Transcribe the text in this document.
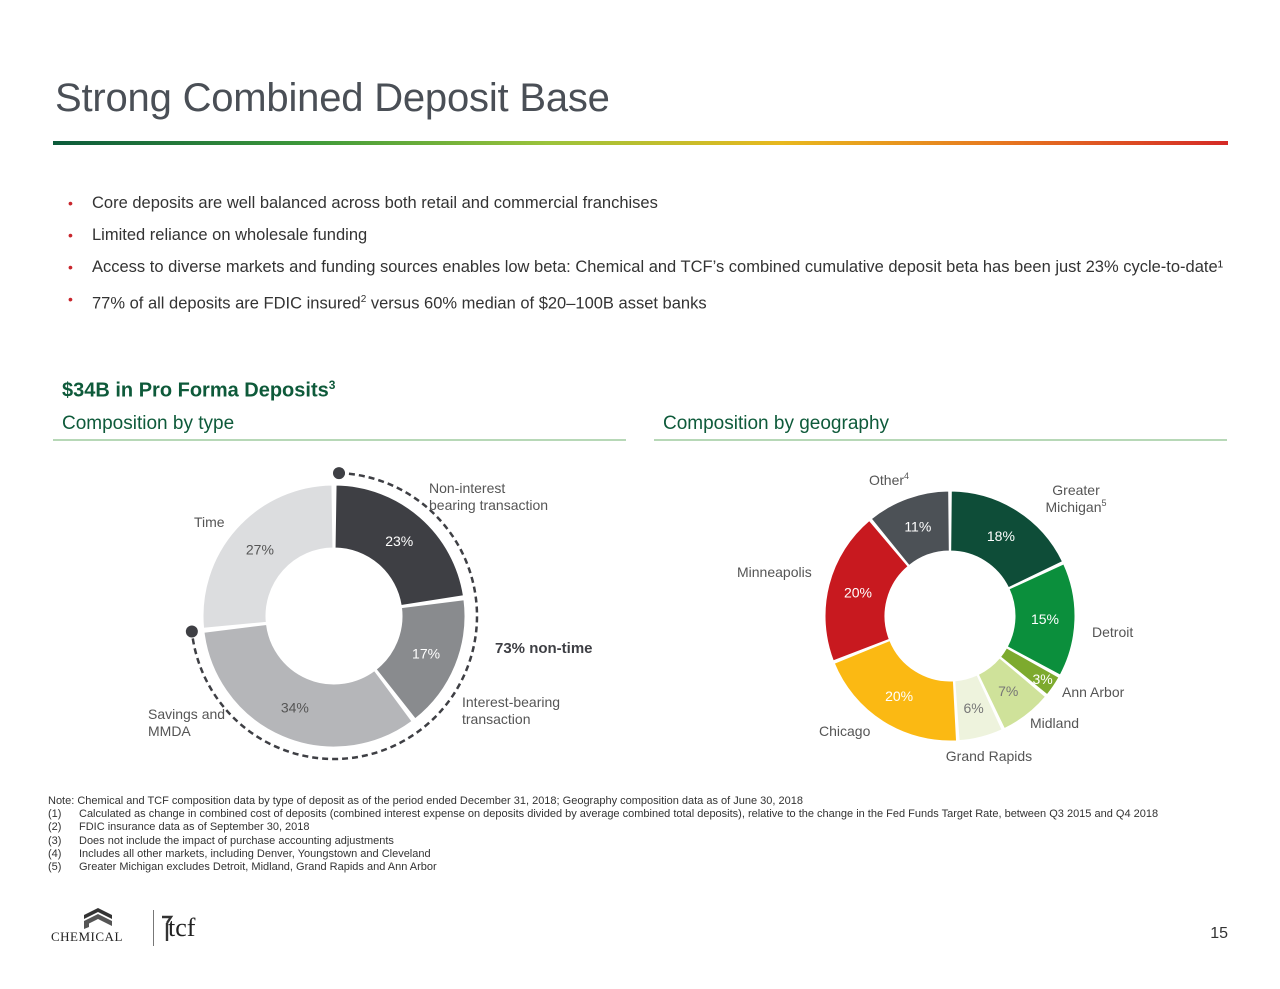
Strong Combined Deposit Base
• Core deposits are well balanced across both retail and commercial franchises
• Limited reliance on wholesale funding
• Access to diverse markets and funding sources enables low beta: Chemical and TCF’s combined cumulative deposit beta has been just 23% cycle-to-date¹
• 77% of all deposits are FDIC insured$^2$ versus 60% median of $20–100B asset banks
$34B in Pro Forma Deposits$^3$
Composition by type	Composition by geography
23%
17%
34%
27%
Non-interest
bearing transaction
Interest-bearing
transaction
Savings and
MMDA
Time
73% non-time
18%
15%
3%
7%
6%
20%
20%
11%
Greater
Michigan$^5$
Detroit
Ann Arbor
Midland
Grand Rapids
Chicago
Minneapolis
Other$^4$
Note: Chemical and TCF composition data by type of deposit as of the period ended December 31, 2018; Geography composition data as of June 30, 2018
(1)	Calculated as change in combined cost of deposits (combined interest expense on deposits divided by average combined total deposits), relative to the change in the Fed Funds Target Rate, between Q3 2015 and Q4 2018
(2)	FDIC insurance data as of September 30, 2018
(3)	Does not include the impact of purchase accounting adjustments
(4)	Includes all other markets, including Denver, Youngstown and Cleveland
(5)	Greater Michigan excludes Detroit, Midland, Grand Rapids and Ann Arbor
CHEMICAL tcf	15
